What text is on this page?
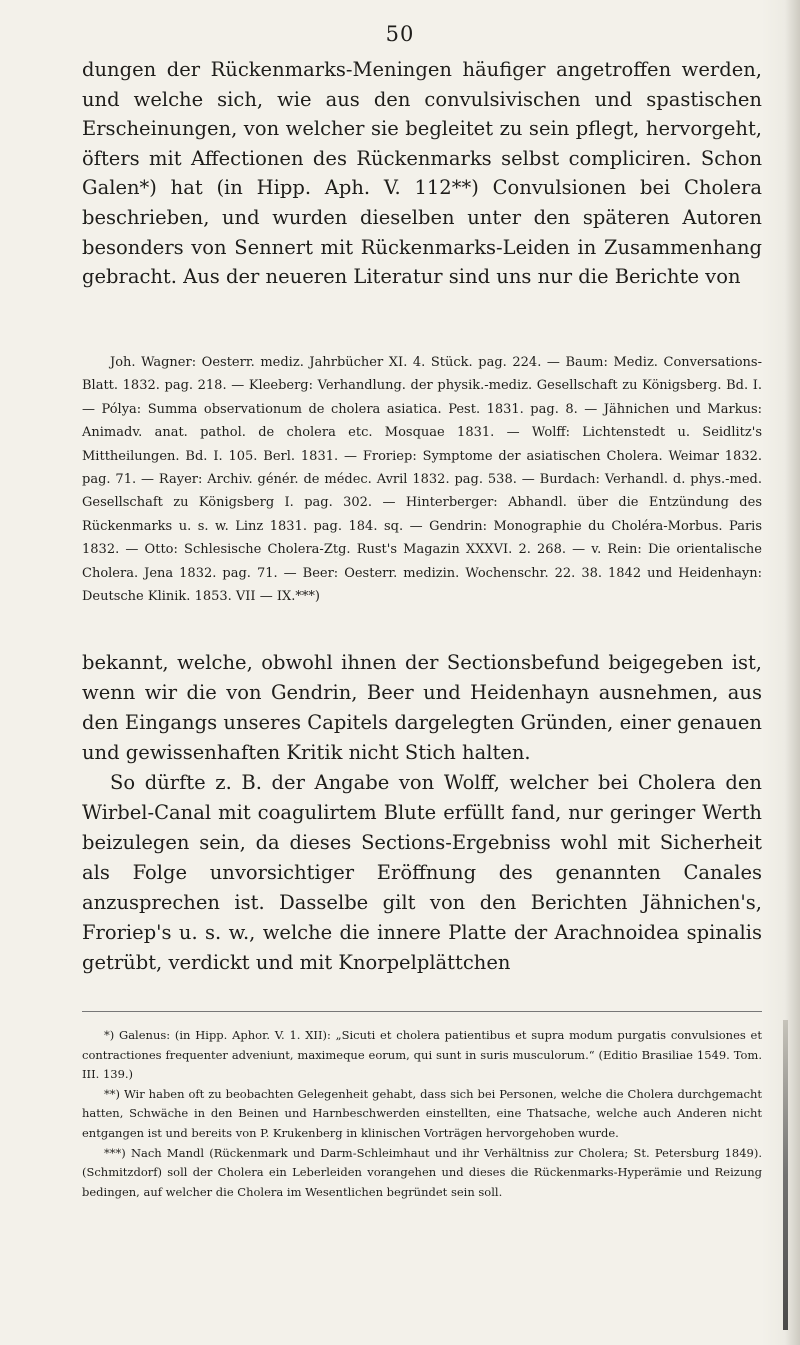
50

dungen der Rückenmarks-Meningen häufiger angetroffen werden, und welche sich, wie aus den convulsivischen und spastischen Erscheinungen, von welcher sie begleitet zu sein pflegt, hervorgeht, öfters mit Affectionen des Rückenmarks selbst compliciren. Schon Galen*) hat (in Hipp. Aph. V. 112**) Convulsionen bei Cholera beschrieben, und wurden dieselben unter den späteren Autoren besonders von Sennert mit Rückenmarks-Leiden in Zusammenhang gebracht. Aus der neueren Literatur sind uns nur die Berichte von

Joh. Wagner: Oesterr. mediz. Jahrbücher XI. 4. Stück. pag. 224. — Baum: Mediz. Conversations-Blatt. 1832. pag. 218. — Kleeberg: Verhandlung. der physik.-mediz. Gesellschaft zu Königsberg. Bd. I. — Pólya: Summa observationum de cholera asiatica. Pest. 1831. pag. 8. — Jähnichen und Markus: Animadv. anat. pathol. de cholera etc. Mosquae 1831. — Wolff: Lichtenstedt u. Seidlitz's Mittheilungen. Bd. I. 105. Berl. 1831. — Froriep: Symptome der asiatischen Cholera. Weimar 1832. pag. 71. — Rayer: Archiv. génér. de médec. Avril 1832. pag. 538. — Burdach: Verhandl. d. phys.-med. Gesellschaft zu Königsberg I. pag. 302. — Hinterberger: Abhandl. über die Entzündung des Rückenmarks u. s. w. Linz 1831. pag. 184. sq. — Gendrin: Monographie du Choléra-Morbus. Paris 1832. — Otto: Schlesische Cholera-Ztg. Rust's Magazin XXXVI. 2. 268. — v. Rein: Die orientalische Cholera. Jena 1832. pag. 71. — Beer: Oesterr. medizin. Wochenschr. 22. 38. 1842 und Heidenhayn: Deutsche Klinik. 1853. VII — IX.***)

bekannt, welche, obwohl ihnen der Sectionsbefund beigegeben ist, wenn wir die von Gendrin, Beer und Heidenhayn ausnehmen, aus den Eingangs unseres Capitels dargelegten Gründen, einer genauen und gewissenhaften Kritik nicht Stich halten.

So dürfte z. B. der Angabe von Wolff, welcher bei Cholera den Wirbel-Canal mit coagulirtem Blute erfüllt fand, nur geringer Werth beizulegen sein, da dieses Sections-Ergebniss wohl mit Sicherheit als Folge unvorsichtiger Eröffnung des genannten Canales anzusprechen ist. Dasselbe gilt von den Berichten Jähnichen's, Froriep's u. s. w., welche die innere Platte der Arachnoidea spinalis getrübt, verdickt und mit Knorpelplättchen

*) Galenus: (in Hipp. Aphor. V. 1. XII): „Sicuti et cholera patientibus et supra modum purgatis convulsiones et contractiones frequenter adveniunt, maximeque eorum, qui sunt in suris musculorum.“ (Editio Brasiliae 1549. Tom. III. 139.)

**) Wir haben oft zu beobachten Gelegenheit gehabt, dass sich bei Personen, welche die Cholera durchgemacht hatten, Schwäche in den Beinen und Harnbeschwerden einstellten, eine Thatsache, welche auch Anderen nicht entgangen ist und bereits von P. Krukenberg in klinischen Vorträgen hervorgehoben wurde.

***) Nach Mandl (Rückenmark und Darm-Schleimhaut und ihr Verhältniss zur Cholera; St. Petersburg 1849). (Schmitzdorf) soll der Cholera ein Leberleiden vorangehen und dieses die Rückenmarks-Hyperämie und Reizung bedingen, auf welcher die Cholera im Wesentlichen begründet sein soll.
